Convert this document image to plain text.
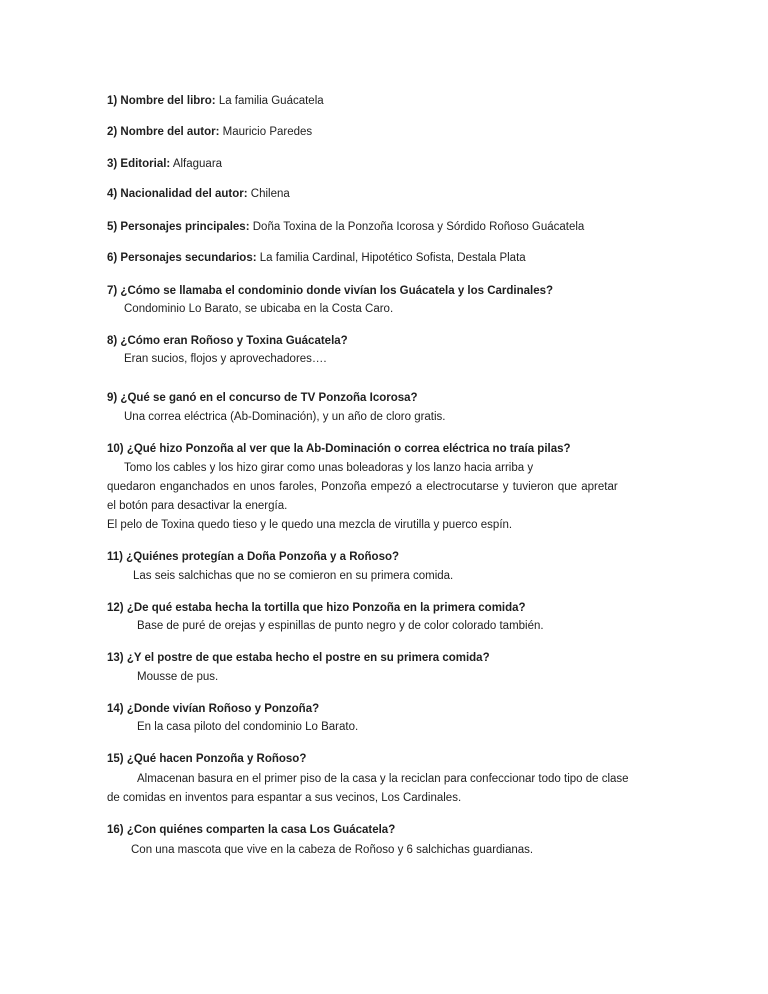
1) Nombre del libro: La familia Guácatela
2) Nombre del autor: Mauricio Paredes
3) Editorial: Alfaguara
4) Nacionalidad del autor: Chilena
5) Personajes principales: Doña Toxina de la Ponzoña Icorosa y Sórdido Roñoso Guácatela
6) Personajes secundarios: La familia Cardinal, Hipotético Sofista, Destala Plata
7) ¿Cómo se llamaba el condominio donde vivían los Guácatela y los Cardinales?
Condominio Lo Barato, se ubicaba en la Costa Caro.
8) ¿Cómo eran Roñoso y Toxina Guácatela?
Eran sucios, flojos y aprovechadores….
9) ¿Qué se ganó en el concurso de TV Ponzoña Icorosa?
Una correa eléctrica (Ab-Dominación), y un año de cloro gratis.
10) ¿Qué hizo Ponzoña al ver que la Ab-Dominación o correa eléctrica no traía pilas?
Tomo los cables y los hizo girar como unas boleadoras y los lanzo hacia arriba y
quedaron enganchados en unos faroles, Ponzoña empezó a electrocutarse y tuvieron que apretar
el botón para desactivar la energía.
El pelo de Toxina quedo tieso y le quedo una mezcla de virutilla y puerco espín.
11) ¿Quiénes protegían a Doña Ponzoña y a Roñoso?
Las seis salchichas que no se comieron en su primera comida.
12) ¿De qué estaba hecha la tortilla que hizo Ponzoña en la primera comida?
Base de puré de orejas y espinillas de punto negro y de color colorado también.
13) ¿Y el postre de que estaba hecho el postre en su primera comida?
Mousse de pus.
14) ¿Donde vivían Roñoso y Ponzoña?
En la casa piloto del condominio Lo Barato.
15) ¿Qué hacen Ponzoña y Roñoso?
Almacenan basura en el primer piso de la casa y la reciclan para confeccionar todo tipo de clase
de comidas en inventos para espantar a sus vecinos, Los Cardinales.
16) ¿Con quiénes comparten la casa Los Guácatela?
Con una mascota que vive en la cabeza de Roñoso y 6 salchichas guardianas.
